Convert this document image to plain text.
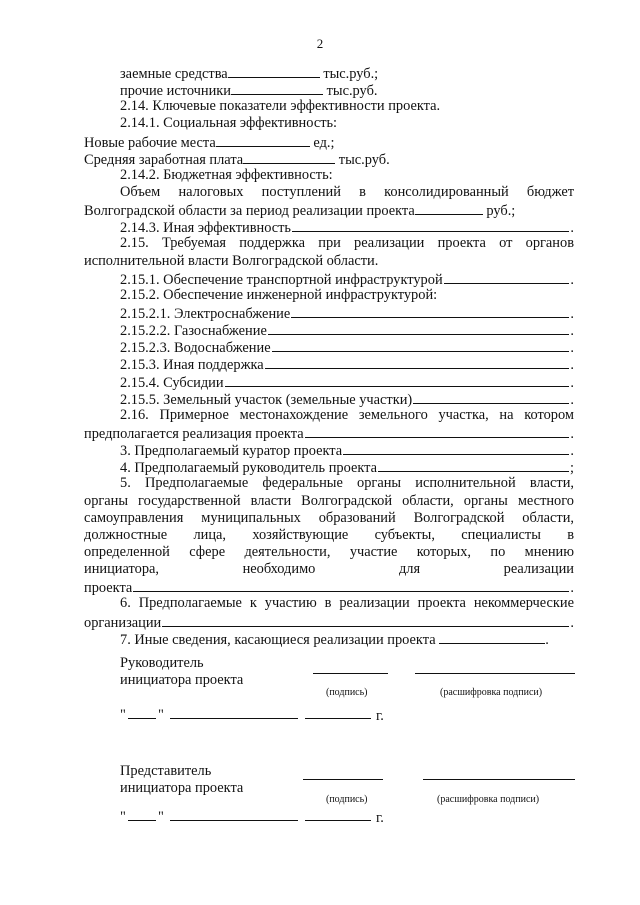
2
заемные средства	тыс.руб.;
прочие источники	тыс.руб.
2.14. Ключевые показатели эффективности проекта.
2.14.1. Социальная эффективность:
Новые рабочие места	ед.;
Средняя заработная плата	тыс.руб.
2.14.2. Бюджетная эффективность:
Объем налоговых поступлений в консолидированный бюджет
Волгоградской области за период реализации проекта	руб.;
2.14.3. Иная эффективность	.
2.15. Требуемая поддержка при реализации проекта от органов
исполнительной власти Волгоградской области.
2.15.1. Обеспечение транспортной инфраструктурой	.
2.15.2. Обеспечение инженерной инфраструктурой:
2.15.2.1. Электроснабжение	.
2.15.2.2. Газоснабжение	.
2.15.2.3. Водоснабжение	.
2.15.3. Иная поддержка	.
2.15.4. Субсидии	.
2.15.5. Земельный участок (земельные участки)	.
2.16. Примерное местонахождение земельного участка, на котором
предполагается реализация проекта	.
3. Предполагаемый куратор проекта	.
4. Предполагаемый руководитель проекта	;
5. Предполагаемые федеральные органы исполнительной власти,
органы государственной власти Волгоградской области, органы местного
самоуправления муниципальных образований Волгоградской области,
должностные лица, хозяйствующие субъекты, специалисты в
определенной сфере деятельности, участие которых, по мнению
инициатора, необходимо для реализации
проекта	.
6. Предполагаемые к участию в реализации проекта некоммерческие
организации	.
7. Иные сведения, касающиеся реализации проекта	.
Руководитель
инициатора проекта
(подпись)	(расшифровка подписи)
" "	г.
Представитель
инициатора проекта
(подпись)	(расшифровка подписи)
" "	г.
